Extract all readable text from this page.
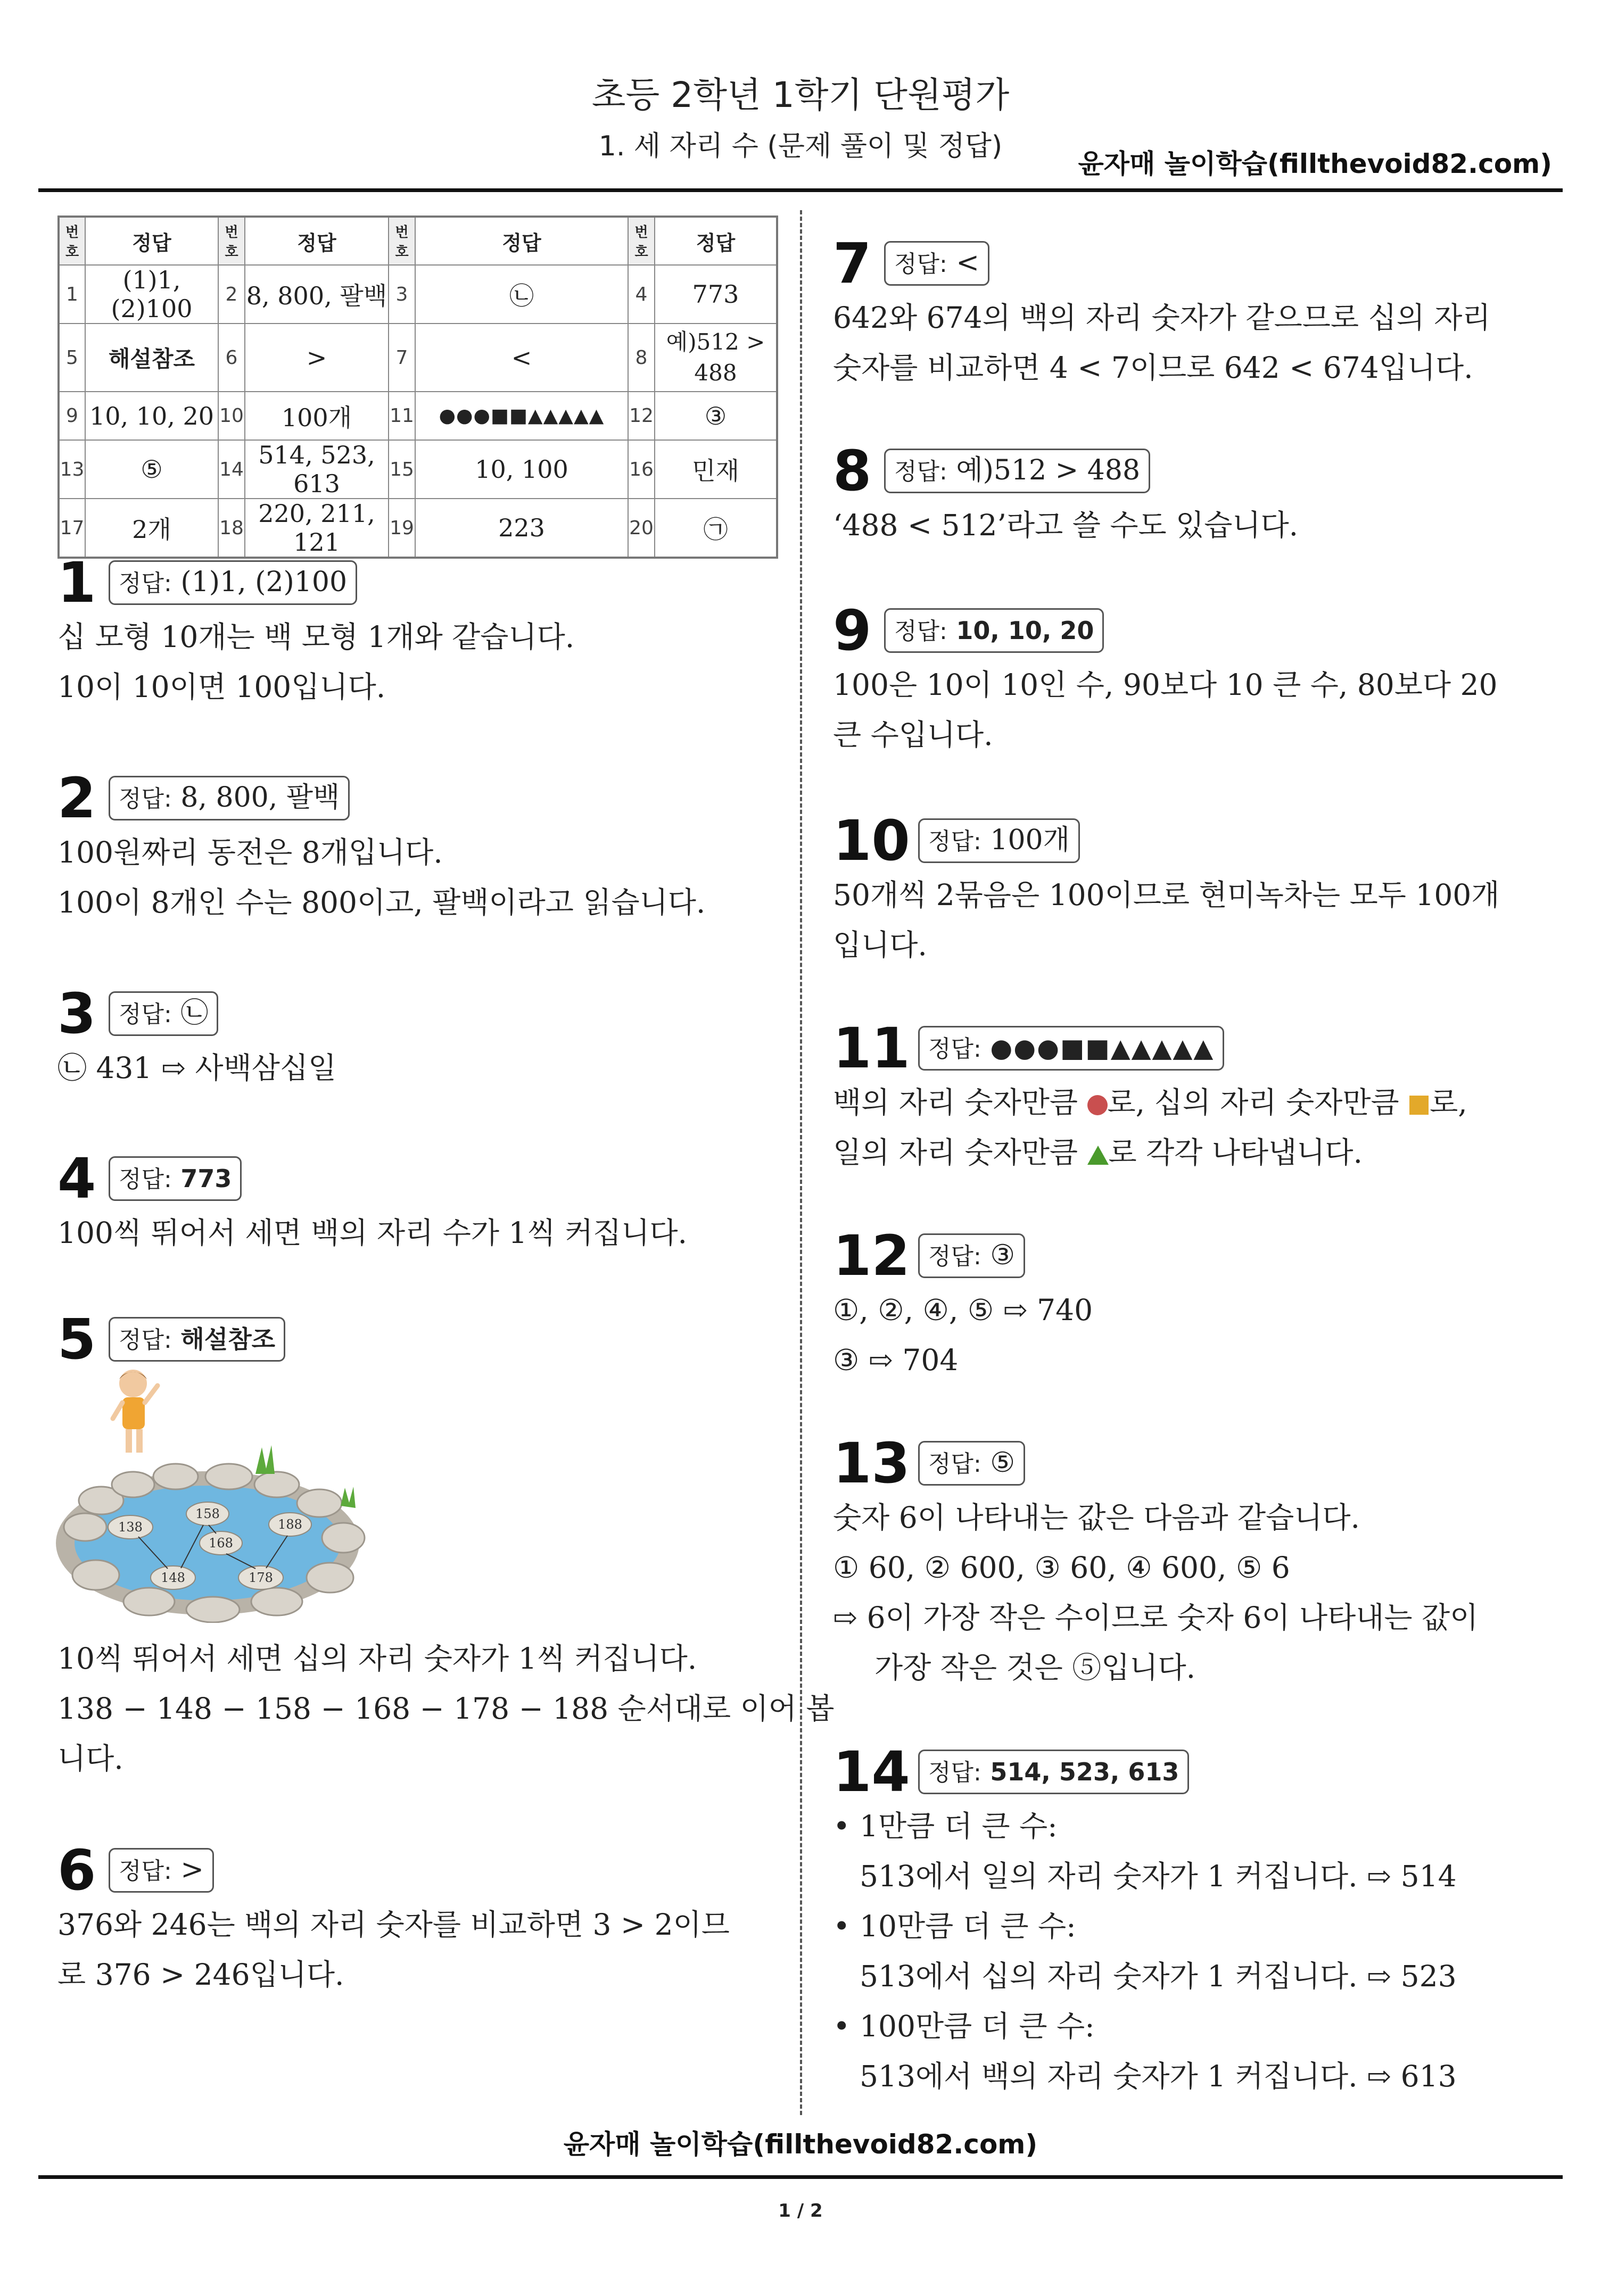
초등 2학년 1학기 단원평가
1. 세 자리 수 (문제 풀이 및 정답)
윤자매 놀이학습(fillthevoid82.com)
번호	정답	번호	정답	번호	정답	번호	정답
1	(1)1, (2)100	2	8, 800, 팔백	3	㉡	4	773
5	해설참조	6	>	7	<	8	예)512 > 488
9	10, 10, 20	10	100개	11	●●●■■▲▲▲▲▲	12	③
13	⑤	14	514, 523, 613	15	10, 100	16	민재
17	2개	18	220, 211, 121	19	223	20	㉠
1 정답: (1)1, (2)100
십 모형 10개는 백 모형 1개와 같습니다.
10이 10이면 100입니다.
2 정답: 8, 800, 팔백
100원짜리 동전은 8개입니다.
100이 8개인 수는 800이고, 팔백이라고 읽습니다.
3 정답: ㉡
㉡ 431 ⇨ 사백삼십일
4 정답: 773
100씩 뛰어서 세면 백의 자리 수가 1씩 커집니다.
5 정답: 해설참조
138
148
158
168
178
188
10씩 뛰어서 세면 십의 자리 숫자가 1씩 커집니다.
138 − 148 − 158 − 168 − 178 − 188 순서대로 이어 봅
니다.
6 정답: >
376와 246는 백의 자리 숫자를 비교하면 3 > 2이므
로 376 > 246입니다.
7 정답: <
642와 674의 백의 자리 숫자가 같으므로 십의 자리
숫자를 비교하면 4 < 7이므로 642 < 674입니다.
8 정답: 예)512 > 488
‘488 < 512’라고 쓸 수도 있습니다.
9 정답: 10, 10, 20
100은 10이 10인 수, 90보다 10 큰 수, 80보다 20
큰 수입니다.
10 정답: 100개
50개씩 2묶음은 100이므로 현미녹차는 모두 100개
입니다.
11 정답: ●●●■■▲▲▲▲▲
백의 자리 숫자만큼 로, 십의 자리 숫자만큼 로,
일의 자리 숫자만큼 로 각각 나타냅니다.
12 정답: ③
①, ②, ④, ⑤ ⇨ 740
③ ⇨ 704
13 정답: ⑤
숫자 6이 나타내는 값은 다음과 같습니다.
① 60, ② 600, ③ 60, ④ 600, ⑤ 6
⇨ 6이 가장 작은 수이므로 숫자 6이 나타내는 값이
가장 작은 것은 ⑤입니다.
14 정답: 514, 523, 613
• 1만큼 더 큰 수:
513에서 일의 자리 숫자가 1 커집니다. ⇨ 514
• 10만큼 더 큰 수:
513에서 십의 자리 숫자가 1 커집니다. ⇨ 523
• 100만큼 더 큰 수:
513에서 백의 자리 숫자가 1 커집니다. ⇨ 613
윤자매 놀이학습(fillthevoid82.com)
1 / 2
